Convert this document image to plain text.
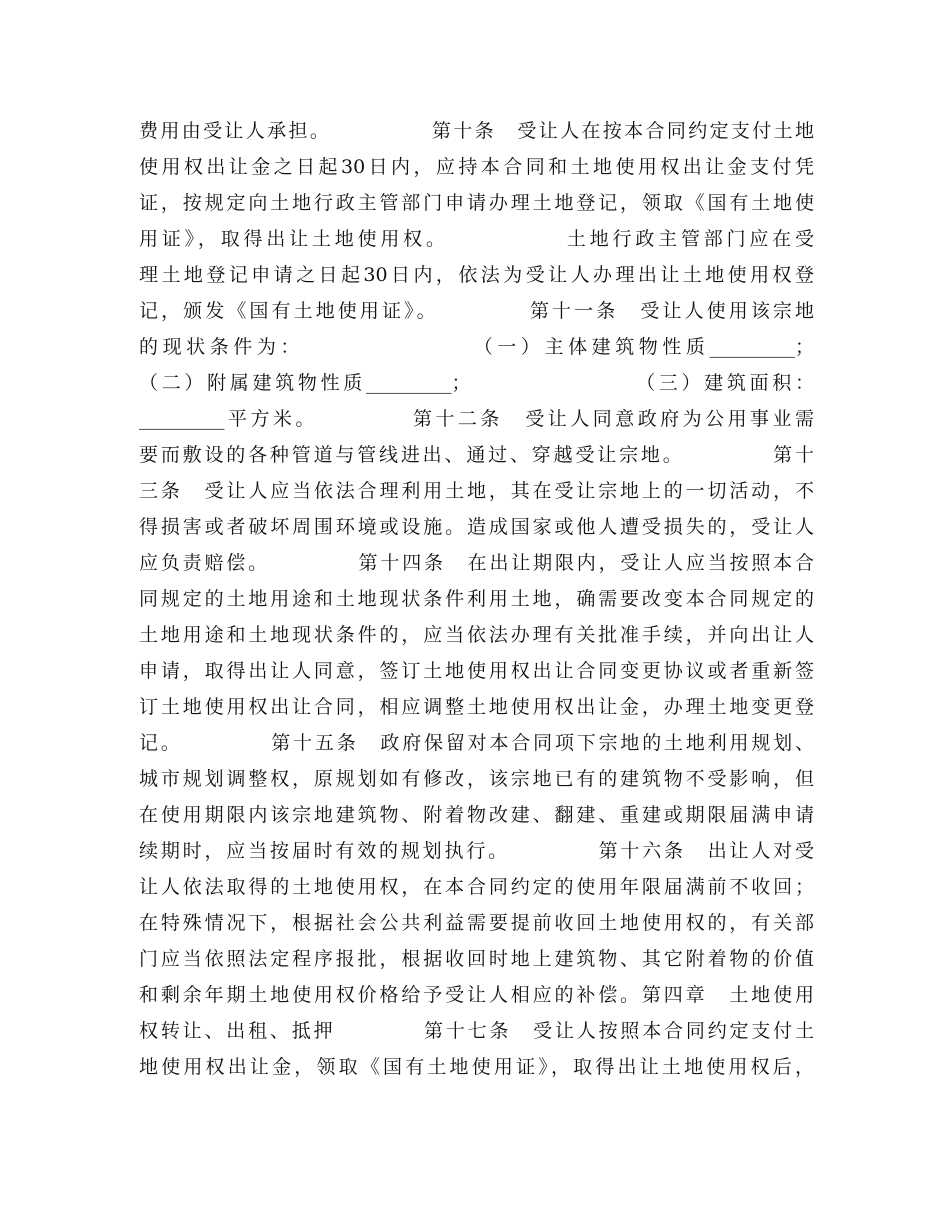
费用由受让人承担。            第十条　受让人在按本合同约定支付土地
使用权出让金之日起30日内，应持本合同和土地使用权出让金支付凭
证，按规定向土地行政主管部门申请办理土地登记，领取《国有土地使
用证》，取得出让土地使用权。            土地行政主管部门应在受
理土地登记申请之日起30日内，依法为受让人办理出让土地使用权登
记，颁发《国有土地使用证》。          第十一条　受让人使用该宗地
的现状条件为：                （一）主体建筑物性质_________；
（二）附属建筑物性质_________；                 （三）建筑面积：
_________平方米。          第十二条　受让人同意政府为公用事业需
要而敷设的各种管道与管线进出、通过、穿越受让宗地。          第十
三条　受让人应当依法合理利用土地，其在受让宗地上的一切活动，不
得损害或者破坏周围环境或设施。造成国家或他人遭受损失的，受让人
应负责赔偿。          第十四条　在出让期限内，受让人应当按照本合
同规定的土地用途和土地现状条件利用土地，确需要改变本合同规定的
土地用途和土地现状条件的，应当依法办理有关批准手续，并向出让人
申请，取得出让人同意，签订土地使用权出让合同变更协议或者重新签
订土地使用权出让合同，相应调整土地使用权出让金，办理土地变更登
记。          第十五条　政府保留对本合同项下宗地的土地利用规划、
城市规划调整权，原规划如有修改，该宗地已有的建筑物不受影响，但
在使用期限内该宗地建筑物、附着物改建、翻建、重建或期限届满申请
续期时，应当按届时有效的规划执行。          第十六条　出让人对受
让人依法取得的土地使用权，在本合同约定的使用年限届满前不收回；
在特殊情况下，根据社会公共利益需要提前收回土地使用权的，有关部
门应当依照法定程序报批，根据收回时地上建筑物、其它附着物的价值
和剩余年期土地使用权价格给予受让人相应的补偿。第四章　土地使用
权转让、出租、抵押          第十七条　受让人按照本合同约定支付土
地使用权出让金，领取《国有土地使用证》，取得出让土地使用权后，
